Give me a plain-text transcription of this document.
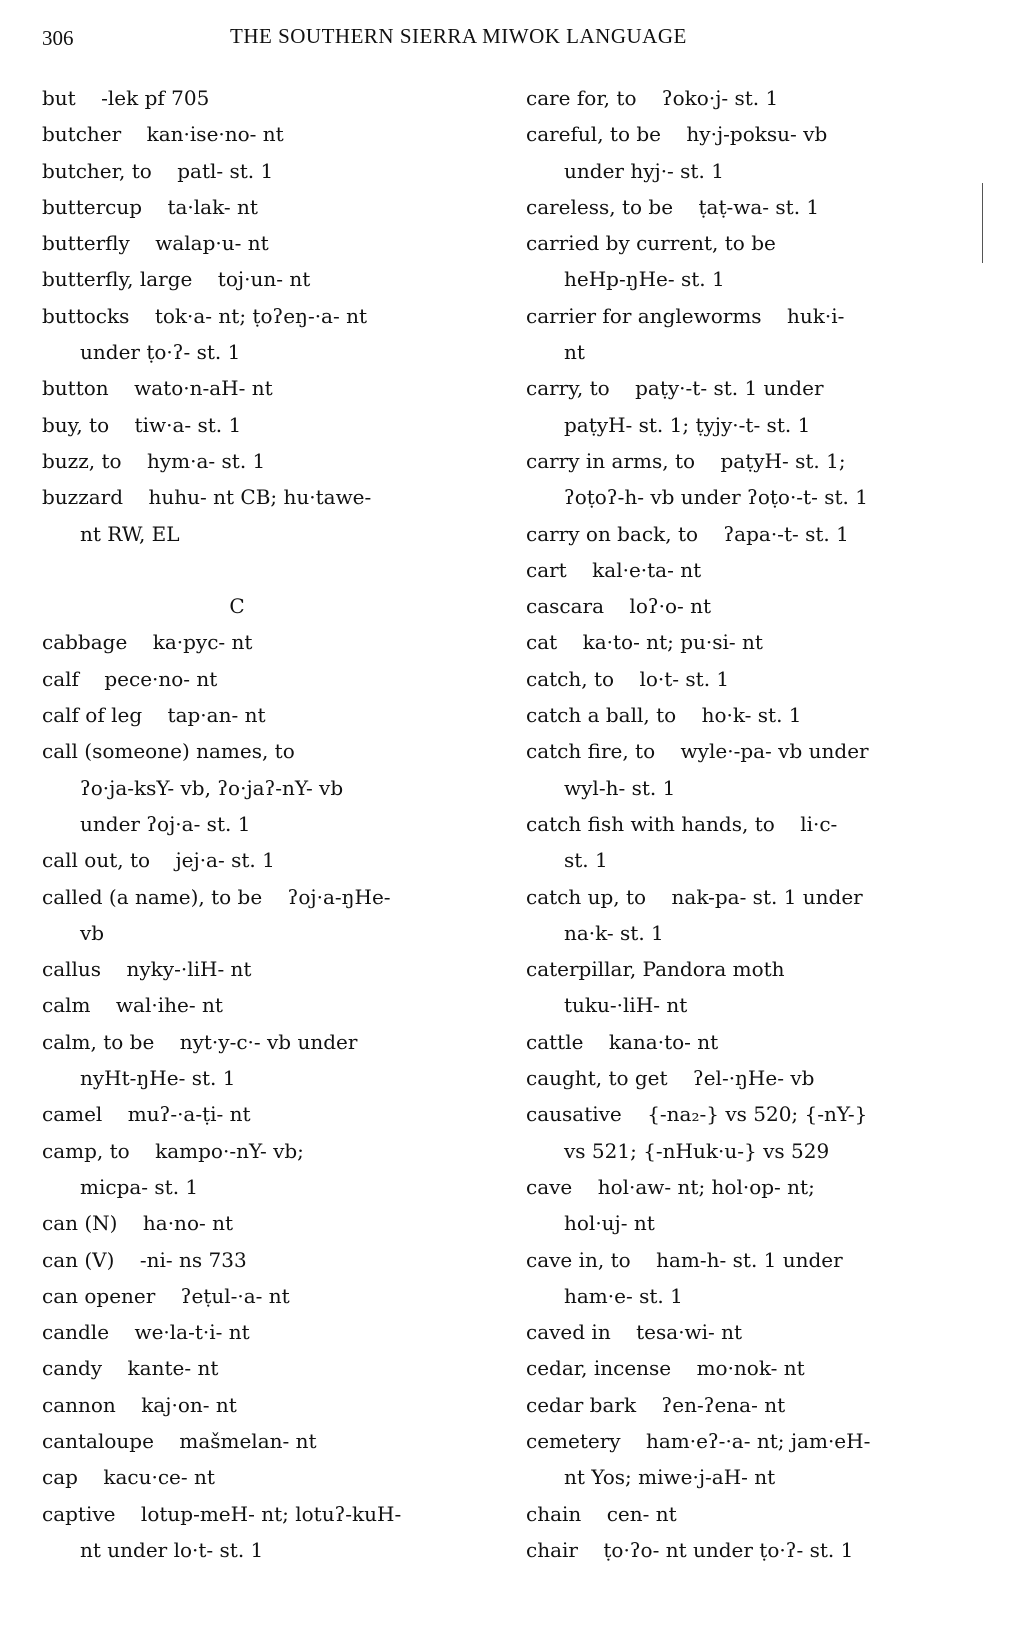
306	THE SOUTHERN SIERRA MIWOK LANGUAGE
but    -lek pf 705
butcher    kan·ise·no- nt
butcher, to    patl- st. 1
buttercup    ta·lak- nt
butterfly    walap·u- nt
butterfly, large    toj·un- nt
buttocks    tok·a- nt; ṭoʔeŋ-·a- nt
under ṭo·ʔ- st. 1
button    wato·n-aH- nt
buy, to    tiw·a- st. 1
buzz, to    hym·a- st. 1
buzzard    huhu- nt CB; hu·tawe-
nt RW, EL
C
cabbage    ka·pyc- nt
calf    pece·no- nt
calf of leg    tap·an- nt
call (someone) names, to
ʔo·ja-ksY- vb, ʔo·jaʔ-nY- vb
under ʔoj·a- st. 1
call out, to    jej·a- st. 1
called (a name), to be    ʔoj·a-ŋHe-
vb
callus    nyky-·liH- nt
calm    wal·ihe- nt
calm, to be    nyt·y-c·- vb under
nyHt-ŋHe- st. 1
camel    muʔ-·a-ṭi- nt
camp, to    kampo·-nY- vb;
micpa- st. 1
can (N)    ha·no- nt
can (V)    -ni- ns 733
can opener    ʔeṭul-·a- nt
candle    we·la-t·i- nt
candy    kante- nt
cannon    kaj·on- nt
cantaloupe    mašmelan- nt
cap    kacu·ce- nt
captive    lotup-meH- nt; lotuʔ-kuH-
nt under lo·t- st. 1
care for, to    ʔoko·j- st. 1
careful, to be    hy·j-poksu- vb
under hyj·- st. 1
careless, to be    ṭaṭ-wa- st. 1
carried by current, to be
heHp-ŋHe- st. 1
carrier for angleworms    huk·i-
nt
carry, to    paṭy·-t- st. 1 under
paṭyH- st. 1; ṭyjy·-t- st. 1
carry in arms, to    paṭyH- st. 1;
ʔoṭoʔ-h- vb under ʔoṭo·-t- st. 1
carry on back, to    ʔapa·-t- st. 1
cart    kal·e·ta- nt
cascara    loʔ·o- nt
cat    ka·to- nt; pu·si- nt
catch, to    lo·t- st. 1
catch a ball, to    ho·k- st. 1
catch fire, to    wyle·-pa- vb under
wyl-h- st. 1
catch fish with hands, to    li·c-
st. 1
catch up, to    nak-pa- st. 1 under
na·k- st. 1
caterpillar, Pandora moth
tuku-·liH- nt
cattle    kana·to- nt
caught, to get    ʔel-·ŋHe- vb
causative    {-na₂-} vs 520; {-nY-}
vs 521; {-nHuk·u-} vs 529
cave    hol·aw- nt; hol·op- nt;
hol·uj- nt
cave in, to    ham-h- st. 1 under
ham·e- st. 1
caved in    tesa·wi- nt
cedar, incense    mo·nok- nt
cedar bark    ʔen-ʔena- nt
cemetery    ham·eʔ-·a- nt; jam·eH-
nt Yos; miwe·j-aH- nt
chain    cen- nt
chair    ṭo·ʔo- nt under ṭo·ʔ- st. 1
